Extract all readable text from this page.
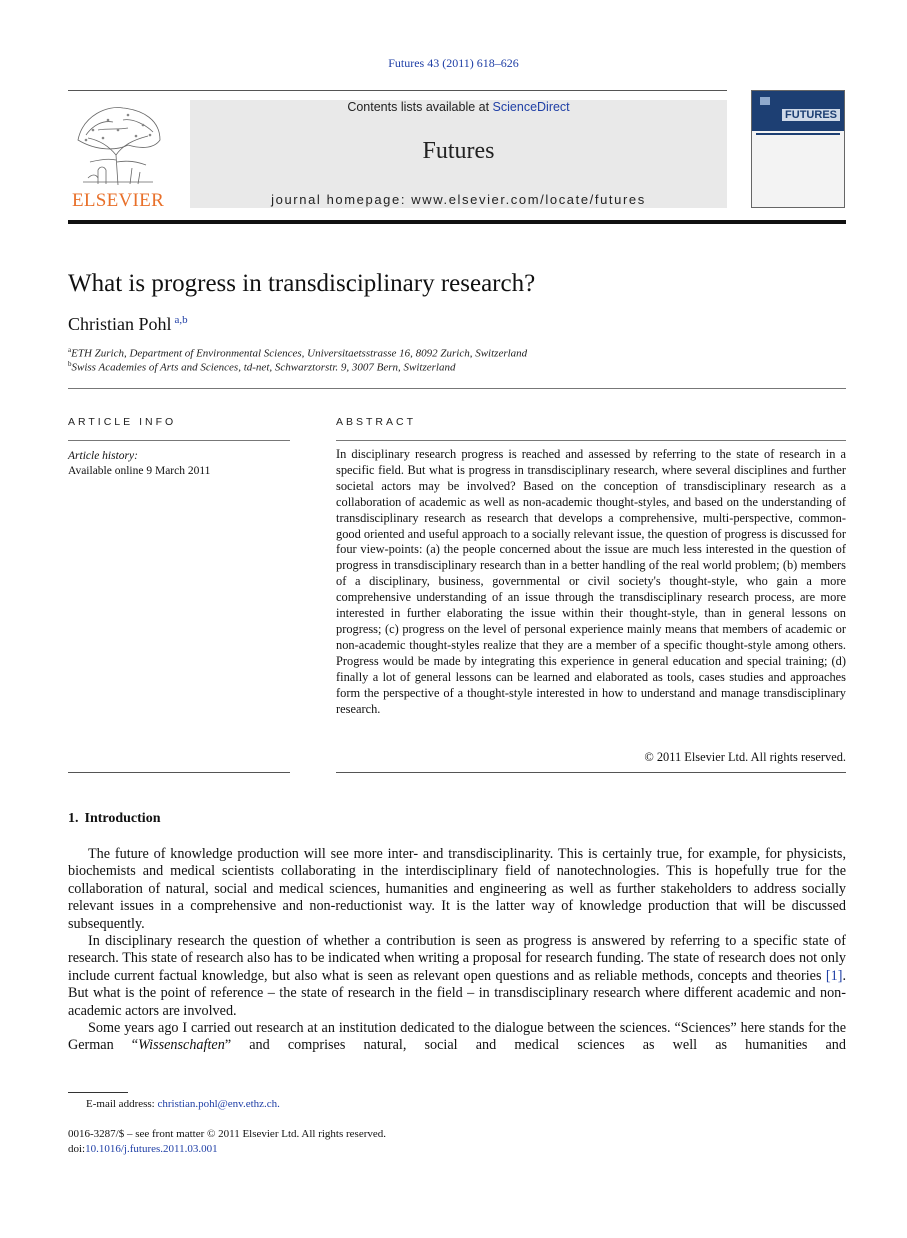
Futures 43 (2011) 618–626
ELSEVIER
Contents lists available at ScienceDirect
Futures
journal homepage: www.elsevier.com/locate/futures
FUTURES
What is progress in transdisciplinary research?
Christian Pohl $^{a,b}$
$^a$ETH Zurich, Department of Environmental Sciences, Universitaetsstrasse 16, 8092 Zurich, Switzerland
$^b$Swiss Academies of Arts and Sciences, td-net, Schwarztorstr. 9, 3007 Bern, Switzerland
ARTICLE INFO
Article history:
Available online 9 March 2011
ABSTRACT

In disciplinary research progress is reached and assessed by referring to the state of research in a specific field. But what is progress in transdisciplinary research, where several disciplines and further societal actors may be involved? Based on the conception of transdisciplinary research as a collaboration of academic as well as non-academic thought-styles, and based on the understanding of transdisciplinary research as research that develops a comprehensive, multi-perspective, common-good oriented and useful approach to a socially relevant issue, the question of progress is discussed for four view-points: (a) the people concerned about the issue are much less interested in the question of progress in transdisciplinary research than in a better handling of the real world problem; (b) members of a disciplinary, business, governmental or civil society's thought-style, who gain a more comprehensive understanding of an issue through the transdisciplinary research process, are more interested in further elaborating the issue within their thought-style, than in general lessons on progress; (c) progress on the level of personal experience mainly means that members of academic or non-academic thought-styles realize that they are a member of a specific thought-style among others. Progress would be made by integrating this experience in general education and special training; (d) finally a lot of general lessons can be learned and elaborated as tools, cases studies and approaches form the perspective of a thought-style interested in how to understand and manage transdisciplinary research.

© 2011 Elsevier Ltd. All rights reserved.
1. Introduction

The future of knowledge production will see more inter- and transdisciplinarity. This is certainly true, for example, for physicists, biochemists and medical scientists collaborating in the interdisciplinary field of nanotechnologies. This is hopefully true for the collaboration of natural, social and medical sciences, humanities and engineering as well as further stakeholders to address socially relevant issues in a comprehensive and non-reductionist way. It is the latter way of knowledge production that will be discussed subsequently.

In disciplinary research the question of whether a contribution is seen as progress is answered by referring to a specific state of research. This state of research also has to be indicated when writing a proposal for research funding. The state of research does not only include current factual knowledge, but also what is seen as relevant open questions and as reliable methods, concepts and theories [1]. But what is the point of reference – the state of research in the field – in transdisciplinary research where different academic and non-academic actors are involved.

Some years ago I carried out research at an institution dedicated to the dialogue between the sciences. “Sciences” here stands for the German “Wissenschaften” and comprises natural, social and medical sciences as well as humanities and

E-mail address: christian.pohl@env.ethz.ch.
0016-3287/$ – see front matter © 2011 Elsevier Ltd. All rights reserved.
doi:10.1016/j.futures.2011.03.001
